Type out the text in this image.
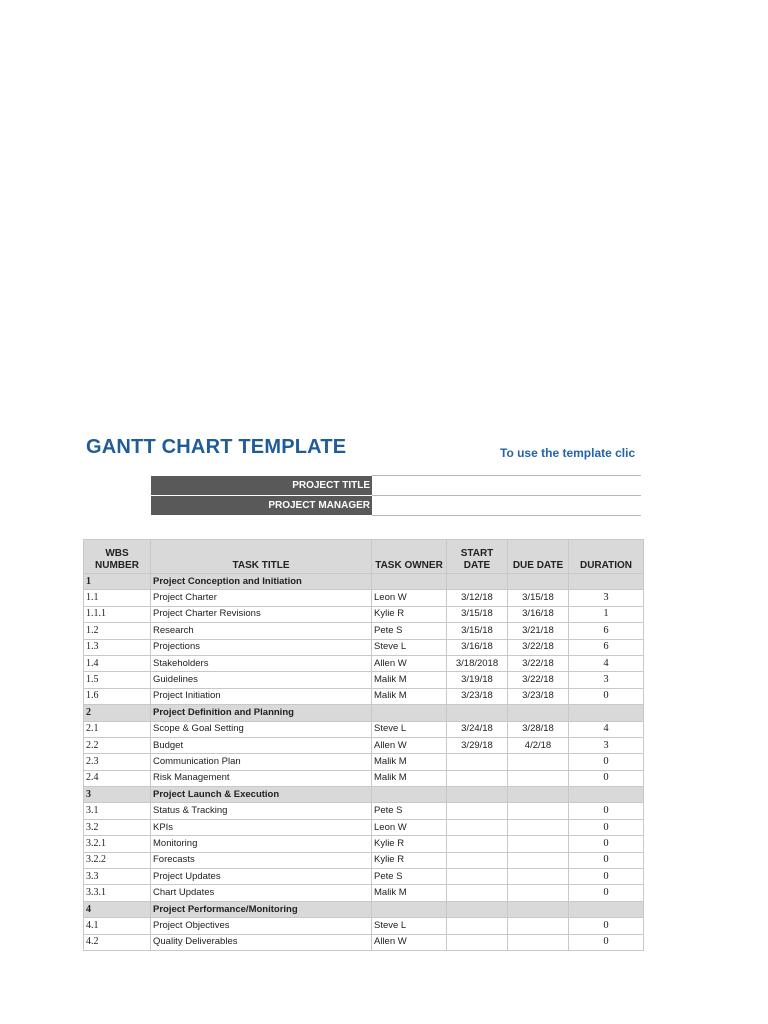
GANTT CHART TEMPLATE	To use the template clic
PROJECT TITLE	
PROJECT MANAGER	
WBS NUMBER	TASK TITLE	TASK OWNER	START DATE	DUE DATE	DURATION
1	Project Conception and Initiation				
1.1	Project Charter	Leon W	3/12/18	3/15/18	3
1.1.1	Project Charter Revisions	Kylie R	3/15/18	3/16/18	1
1.2	Research	Pete S	3/15/18	3/21/18	6
1.3	Projections	Steve L	3/16/18	3/22/18	6
1.4	Stakeholders	Allen W	3/18/2018	3/22/18	4
1.5	Guidelines	Malik M	3/19/18	3/22/18	3
1.6	Project Initiation	Malik M	3/23/18	3/23/18	0
2	Project Definition and Planning				
2.1	Scope & Goal Setting	Steve L	3/24/18	3/28/18	4
2.2	Budget	Allen W	3/29/18	4/2/18	3
2.3	Communication Plan	Malik M			0
2.4	Risk Management	Malik M			0
3	Project Launch & Execution				
3.1	Status & Tracking	Pete S			0
3.2	KPIs	Leon W			0
3.2.1	Monitoring	Kylie R			0
3.2.2	Forecasts	Kylie R			0
3.3	Project Updates	Pete S			0
3.3.1	Chart Updates	Malik M			0
4	Project Performance/Monitoring				
4.1	Project Objectives	Steve L			0
4.2	Quality Deliverables	Allen W			0
